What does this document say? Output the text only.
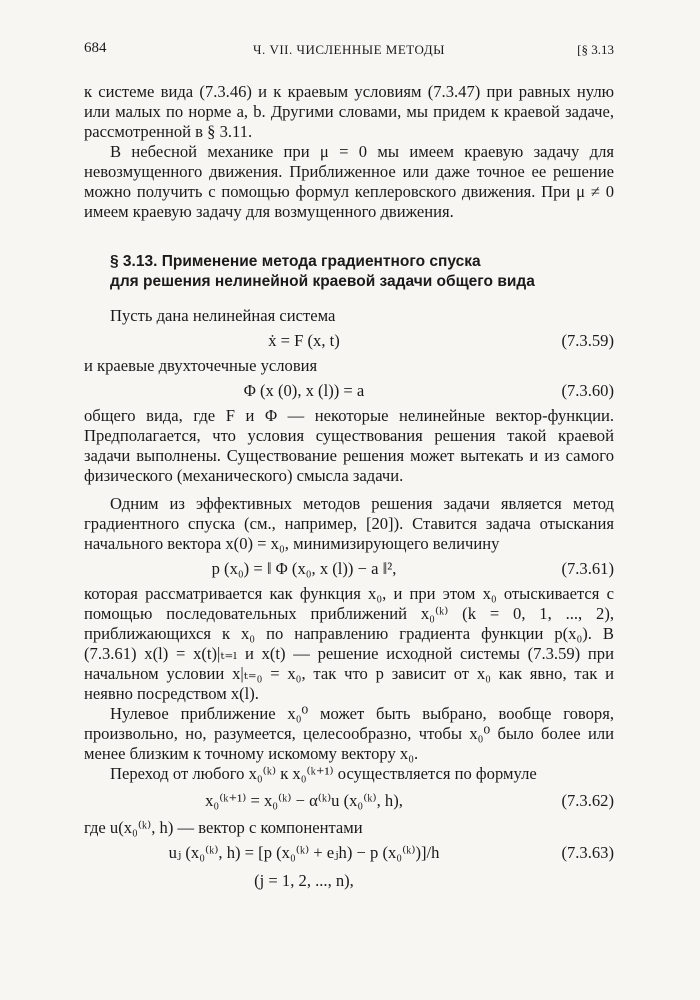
684	Ч. VII. ЧИСЛЕННЫЕ МЕТОДЫ	[§ 3.13

к системе вида (7.3.46) и к краевым условиям (7.3.47) при равных нулю или малых по норме a, b. Другими словами, мы придем к краевой задаче, рассмотренной в § 3.11.

В небесной механике при μ = 0 мы имеем краевую задачу для невозмущенного движения. Приближенное или даже точное ее решение можно получить с помощью формул кеплеровского движения. При μ ≠ 0 имеем краевую задачу для возмущенного движения.

§ 3.13. Применение метода градиентного спуска
для решения нелинейной краевой задачи общего вида

Пусть дана нелинейная система

ẋ = F (x, t)	(7.3.59)

и краевые двухточечные условия

Φ (x (0), x (l)) = a	(7.3.60)

общего вида, где F и Φ — некоторые нелинейные вектор-функции. Предполагается, что условия существования решения такой краевой задачи выполнены. Существование решения может вытекать и из самого физического (механического) смысла задачи.

Одним из эффективных методов решения задачи является метод градиентного спуска (см., например, [20]). Ставится задача отыскания начального вектора x(0) = x₀, минимизирующего величину

p (x₀) = ‖ Φ (x₀, x (l)) − a ‖²,	(7.3.61)

которая рассматривается как функция x₀, и при этом x₀ отыскивается с помощью последовательных приближений x₀⁽ᵏ⁾ (k = 0, 1, ..., 2), приближающихся к x₀ по направлению градиента функции p(x₀). В (7.3.61) x(l) = x(t)|ₜ₌ₗ и x(t) — решение исходной системы (7.3.59) при начальном условии x|ₜ₌₀ = x₀, так что p зависит от x₀ как явно, так и неявно посредством x(l).

Нулевое приближение x₀⁰ может быть выбрано, вообще говоря, произвольно, но, разумеется, целесообразно, чтобы x₀⁰ было более или менее близким к точному искомому вектору x₀.

Переход от любого x₀⁽ᵏ⁾ к x₀⁽ᵏ⁺¹⁾ осуществляется по формуле

x₀⁽ᵏ⁺¹⁾ = x₀⁽ᵏ⁾ − α⁽ᵏ⁾u (x₀⁽ᵏ⁾, h),	(7.3.62)

где u(x₀⁽ᵏ⁾, h) — вектор с компонентами

uⱼ (x₀⁽ᵏ⁾, h) = [p (x₀⁽ᵏ⁾ + eⱼh) − p (x₀⁽ᵏ⁾)]/h	(7.3.63)
(j = 1, 2, ..., n),
